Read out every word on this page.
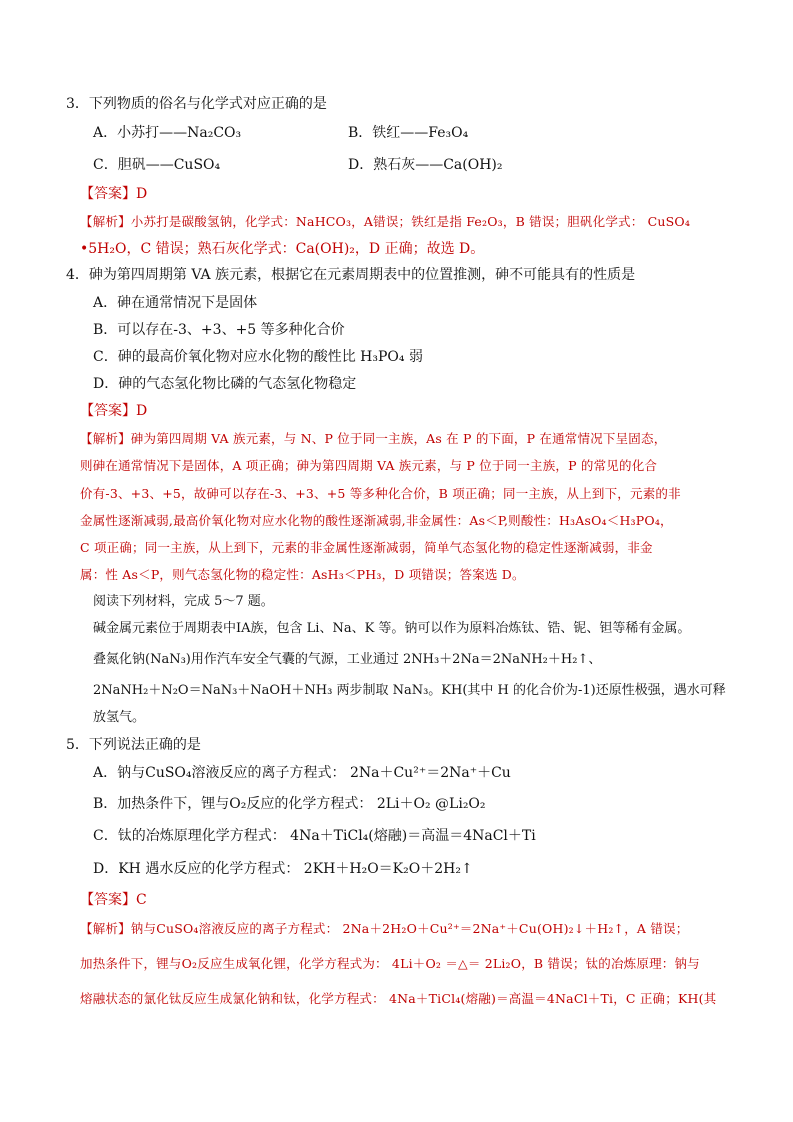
3．下列物质的俗名与化学式对应正确的是
A．小苏打——Na₂CO₃	B．铁红——Fe₃O₄
C．胆矾——CuSO₄	D．熟石灰——Ca(OH)₂
【答案】D
【解析】小苏打是碳酸氢钠，化学式：NaHCO₃，A错误；铁红是指 Fe₂O₃，B 错误；胆矾化学式： CuSO₄
•5H₂O，C 错误；熟石灰化学式：Ca(OH)₂，D 正确；故选 D。
4．砷为第四周期第 VA 族元素，根据它在元素周期表中的位置推测，砷不可能具有的性质是
A．砷在通常情况下是固体
B．可以存在-3、+3、+5 等多种化合价
C．砷的最高价氧化物对应水化物的酸性比 H₃PO₄ 弱
D．砷的气态氢化物比磷的气态氢化物稳定
【答案】D
【解析】砷为第四周期 VA 族元素，与 N、P 位于同一主族，As 在 P 的下面，P 在通常情况下呈固态，
则砷在通常情况下是固体，A 项正确；砷为第四周期 VA 族元素，与 P 位于同一主族，P 的常见的化合
价有-3、+3、+5，故砷可以存在-3、+3、+5 等多种化合价，B 项正确；同一主族，从上到下，元素的非
金属性逐渐减弱,最高价氧化物对应水化物的酸性逐渐减弱,非金属性：As＜P,则酸性：H₃AsO₄＜H₃PO₄，
C 项正确；同一主族，从上到下，元素的非金属性逐渐减弱，简单气态氢化物的稳定性逐渐减弱，非金
属：性 As＜P，则气态氢化物的稳定性：AsH₃＜PH₃，D 项错误；答案选 D。
阅读下列材料，完成 5～7 题。
碱金属元素位于周期表中ⅠA族，包含 Li、Na、K 等。钠可以作为原料冶炼钛、锆、铌、钽等稀有金属。
叠氮化钠(NaN₃)用作汽车安全气囊的气源，工业通过 2NH₃＋2Na＝2NaNH₂＋H₂↑、
2NaNH₂＋N₂O＝NaN₃＋NaOH＋NH₃ 两步制取 NaN₃。KH(其中 H 的化合价为-1)还原性极强，遇水可释
放氢气。
5．下列说法正确的是
A．钠与CuSO₄溶液反应的离子方程式： 2Na＋Cu²⁺＝2Na⁺＋Cu
B．加热条件下，锂与O₂反应的化学方程式： 2Li＋O₂ @Li₂O₂
C．钛的冶炼原理化学方程式： 4Na＋TiCl₄(熔融)＝高温＝4NaCl＋Ti
D．KH 遇水反应的化学方程式： 2KH＋H₂O＝K₂O＋2H₂↑
【答案】C
【解析】钠与CuSO₄溶液反应的离子方程式： 2Na＋2H₂O＋Cu²⁺＝2Na⁺＋Cu(OH)₂↓＋H₂↑，A 错误；
加热条件下，锂与O₂反应生成氧化锂，化学方程式为： 4Li＋O₂ ＝△＝ 2Li₂O，B 错误；钛的冶炼原理：钠与
熔融状态的氯化钛反应生成氯化钠和钛，化学方程式： 4Na＋TiCl₄(熔融)＝高温＝4NaCl＋Ti，C 正确；KH(其
